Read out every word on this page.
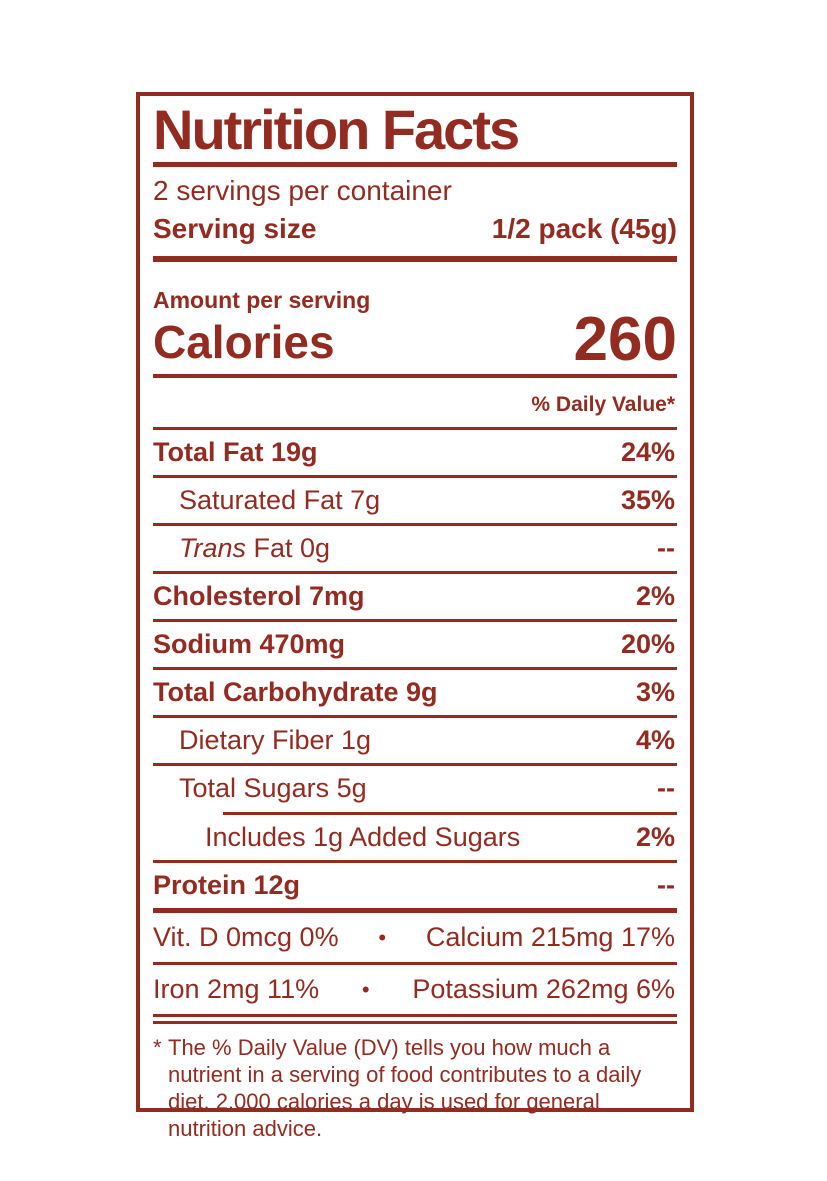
Nutrition Facts
2 servings per container
Serving size	1/2 pack (45g)
Amount per serving
Calories	260
% Daily Value*
Total Fat 19g	24%
Saturated Fat 7g	35%
Trans Fat 0g	--
Cholesterol 7mg	2%
Sodium 470mg	20%
Total Carbohydrate 9g	3%
Dietary Fiber 1g	4%
Total Sugars 5g	--
Includes 1g Added Sugars	2%
Protein 12g	--
Vit. D 0mcg 0% • Calcium 215mg 17%
Iron 2mg 11% • Potassium 262mg 6%
* The % Daily Value (DV) tells you how much a nutrient in a serving of food contributes to a daily diet. 2,000 calories a day is used for general nutrition advice.
